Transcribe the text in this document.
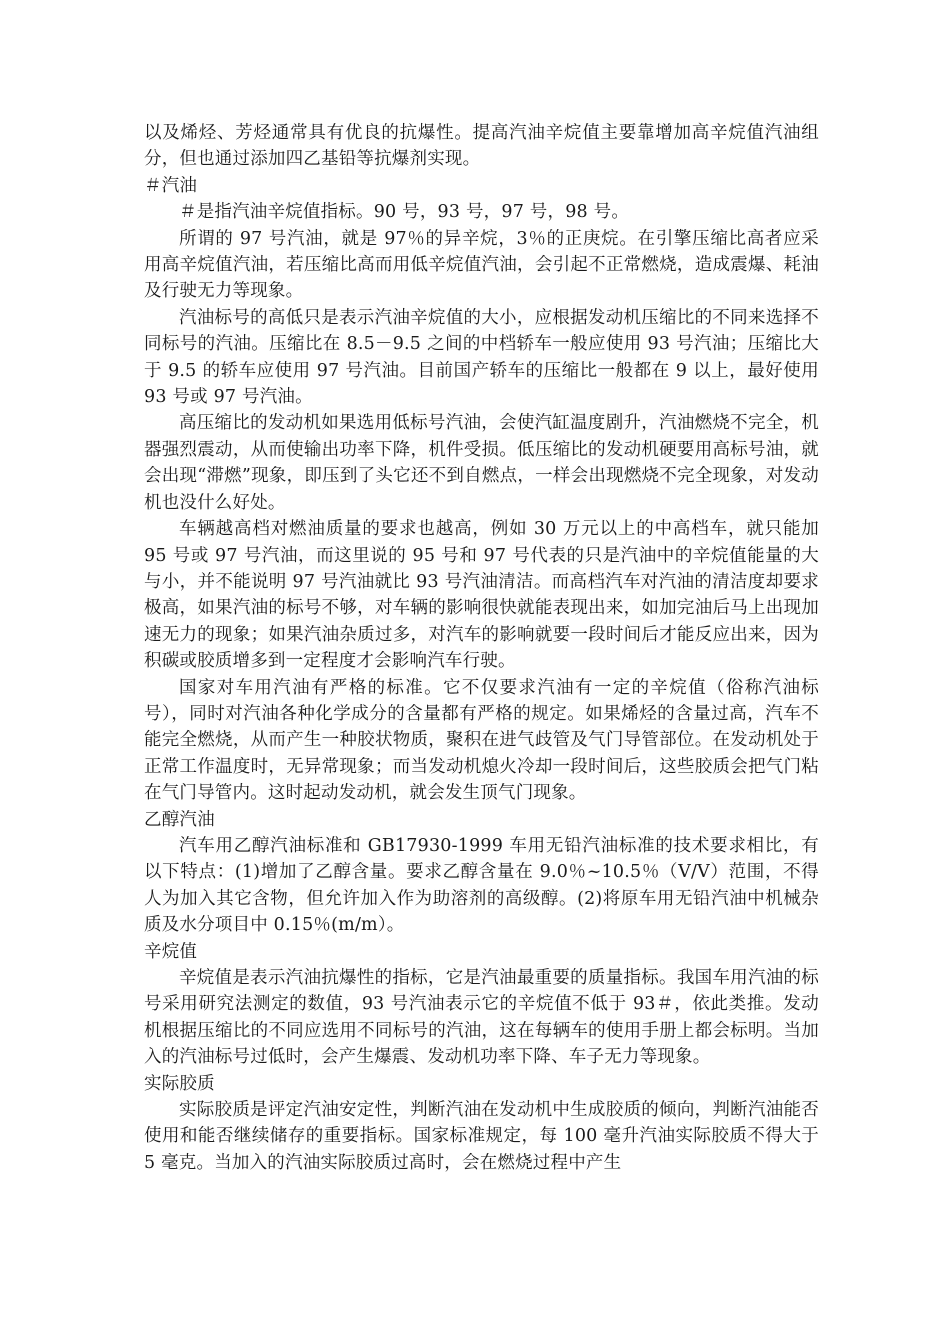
以及烯烃、芳烃通常具有优良的抗爆性。提高汽油辛烷值主要靠增加高辛烷值汽油组分，但也通过添加四乙基铅等抗爆剂实现。

＃汽油

＃是指汽油辛烷值指标。90 号，93 号，97 号，98 号。

所谓的 97 号汽油，就是 97％的异辛烷，3％的正庚烷。在引擎压缩比高者应采用高辛烷值汽油，若压缩比高而用低辛烷值汽油，会引起不正常燃烧，造成震爆、耗油及行驶无力等现象。

汽油标号的高低只是表示汽油辛烷值的大小，应根据发动机压缩比的不同来选择不同标号的汽油。压缩比在 8.5－9.5 之间的中档轿车一般应使用 93 号汽油；压缩比大于 9.5 的轿车应使用 97 号汽油。目前国产轿车的压缩比一般都在 9 以上，最好使用 93 号或 97 号汽油。

高压缩比的发动机如果选用低标号汽油，会使汽缸温度剧升，汽油燃烧不完全，机器强烈震动，从而使输出功率下降，机件受损。低压缩比的发动机硬要用高标号油，就会出现“滞燃”现象，即压到了头它还不到自燃点，一样会出现燃烧不完全现象，对发动机也没什么好处。

车辆越高档对燃油质量的要求也越高，例如 30 万元以上的中高档车，就只能加 95 号或 97 号汽油，而这里说的 95 号和 97 号代表的只是汽油中的辛烷值能量的大与小，并不能说明 97 号汽油就比 93 号汽油清洁。而高档汽车对汽油的清洁度却要求极高，如果汽油的标号不够，对车辆的影响很快就能表现出来，如加完油后马上出现加速无力的现象；如果汽油杂质过多，对汽车的影响就要一段时间后才能反应出来，因为积碳或胶质增多到一定程度才会影响汽车行驶。

国家对车用汽油有严格的标准。它不仅要求汽油有一定的辛烷值（俗称汽油标号），同时对汽油各种化学成分的含量都有严格的规定。如果烯烃的含量过高，汽车不能完全燃烧，从而产生一种胶状物质，聚积在进气歧管及气门导管部位。在发动机处于正常工作温度时，无异常现象；而当发动机熄火冷却一段时间后，这些胶质会把气门粘在气门导管内。这时起动发动机，就会发生顶气门现象。

乙醇汽油

汽车用乙醇汽油标准和 GB17930-1999 车用无铅汽油标准的技术要求相比，有以下特点：(1)增加了乙醇含量。要求乙醇含量在 9.0％~10.5％（V/V）范围，不得人为加入其它含物，但允许加入作为助溶剂的高级醇。(2)将原车用无铅汽油中机械杂质及水分项目中 0.15％(m/m）。

辛烷值

辛烷值是表示汽油抗爆性的指标，它是汽油最重要的质量指标。我国车用汽油的标号采用研究法测定的数值，93 号汽油表示它的辛烷值不低于 93＃，依此类推。发动机根据压缩比的不同应选用不同标号的汽油，这在每辆车的使用手册上都会标明。当加入的汽油标号过低时，会产生爆震、发动机功率下降、车子无力等现象。

实际胶质

实际胶质是评定汽油安定性，判断汽油在发动机中生成胶质的倾向，判断汽油能否使用和能否继续储存的重要指标。国家标准规定，每 100 毫升汽油实际胶质不得大于 5 毫克。当加入的汽油实际胶质过高时，会在燃烧过程中产生
